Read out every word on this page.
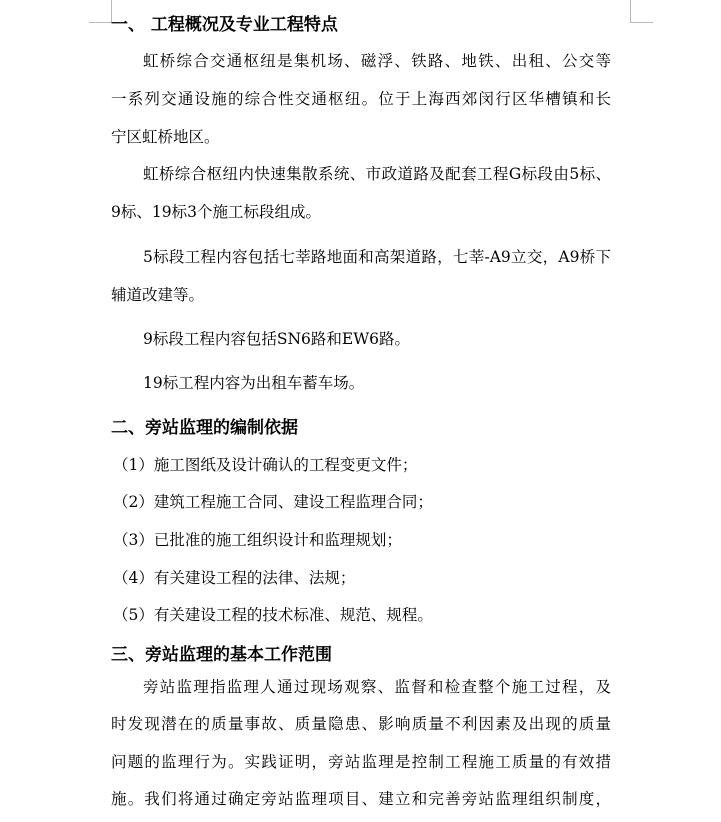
一、 工程概况及专业工程特点
虹桥综合交通枢纽是集机场、磁浮、铁路、地铁、出租、公交等
一系列交通设施的综合性交通枢纽。位于上海西郊闵行区华槽镇和长
宁区虹桥地区。
虹桥综合枢纽内快速集散系统、市政道路及配套工程G标段由5标、
9标、19标3个施工标段组成。
5标段工程内容包括七莘路地面和高架道路，七莘-A9立交，A9桥下
辅道改建等。
9标段工程内容包括SN6路和EW6路。
19标工程内容为出租车蓄车场。
二、旁站监理的编制依据
（1）施工图纸及设计确认的工程变更文件；
（2）建筑工程施工合同、建设工程监理合同；
（3）已批准的施工组织设计和监理规划；
（4）有关建设工程的法律、法规；
（5）有关建设工程的技术标准、规范、规程。
三、旁站监理的基本工作范围
旁站监理指监理人通过现场观察、监督和检查整个施工过程，及
时发现潜在的质量事故、质量隐患、影响质量不利因素及出现的质量
问题的监理行为。实践证明，旁站监理是控制工程施工质量的有效措
施。我们将通过确定旁站监理项目、建立和完善旁站监理组织制度，
